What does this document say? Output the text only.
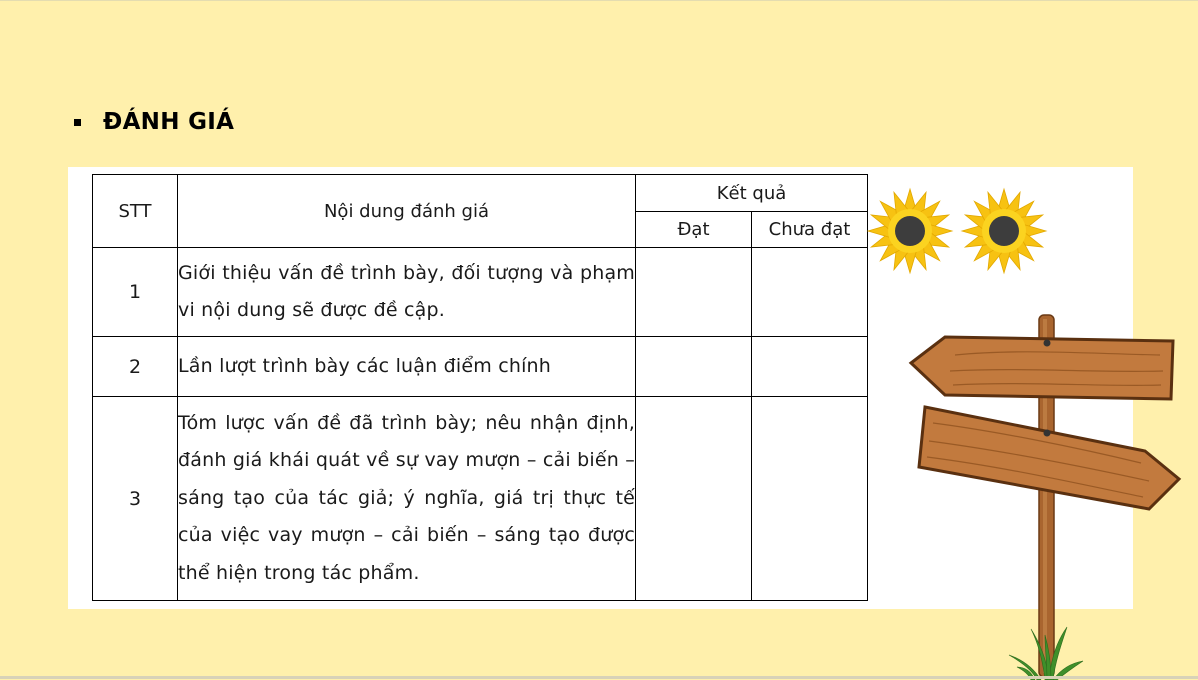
ĐÁNH GIÁ
STT	Nội dung đánh giá	Kết quả	
		Đạt	Chưa đạt
1	Giới thiệu vấn đề trình bày, đối tượng và phạm vi nội dung sẽ được đề cập.		
2	Lần lượt trình bày các luận điểm chính		
3	Tóm lược vấn đề đã trình bày; nêu nhận định, đánh giá khái quát về sự vay mượn – cải biến – sáng tạo của tác giả; ý nghĩa, giá trị thực tế của việc vay mượn – cải biến – sáng tạo được thể hiện trong tác phẩm.		
